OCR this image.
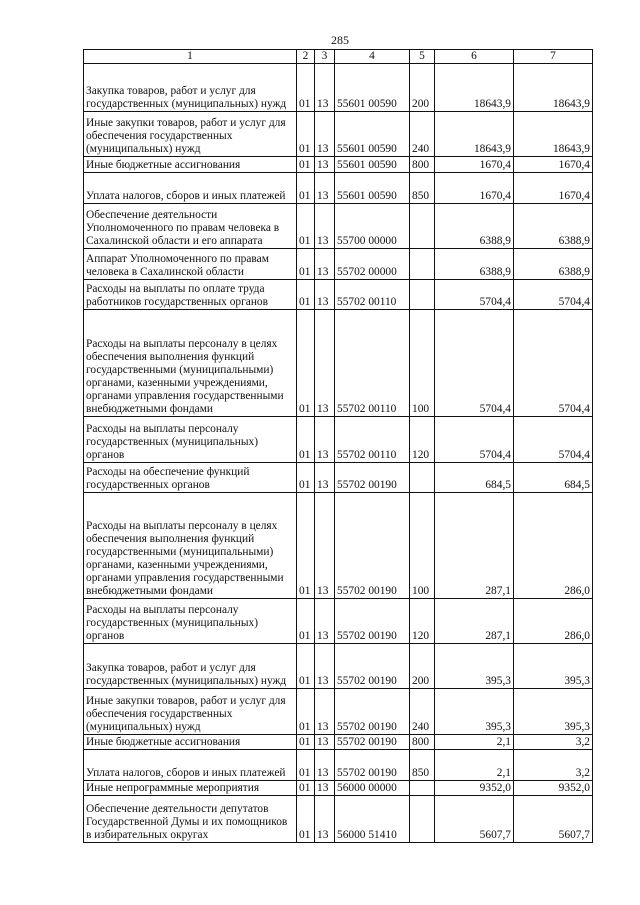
285
1	2	3	4	5	6	7
Закупка товаров, работ и услуг для государственных (муниципальных) нужд	01	13	55601 00590	200	18643,9	18643,9
Иные закупки товаров, работ и услуг для обеспечения государственных (муниципальных) нужд	01	13	55601 00590	240	18643,9	18643,9
Иные бюджетные ассигнования	01	13	55601 00590	800	1670,4	1670,4
Уплата налогов, сборов и иных платежей	01	13	55601 00590	850	1670,4	1670,4
Обеспечение деятельности Уполномоченного по правам человека в Сахалинской области и его аппарата	01	13	55700 00000		6388,9	6388,9
Аппарат Уполномоченного по правам человека в Сахалинской области	01	13	55702 00000		6388,9	6388,9
Расходы на выплаты по оплате труда работников государственных органов	01	13	55702 00110		5704,4	5704,4
Расходы на выплаты персоналу в целях обеспечения выполнения функций государственными (муниципальными) органами, казенными учреждениями, органами управления государственными внебюджетными фондами	01	13	55702 00110	100	5704,4	5704,4
Расходы на выплаты персоналу государственных (муниципальных) органов	01	13	55702 00110	120	5704,4	5704,4
Расходы на обеспечение функций государственных органов	01	13	55702 00190		684,5	684,5
Расходы на выплаты персоналу в целях обеспечения выполнения функций государственными (муниципальными) органами, казенными учреждениями, органами управления государственными внебюджетными фондами	01	13	55702 00190	100	287,1	286,0
Расходы на выплаты персоналу государственных (муниципальных) органов	01	13	55702 00190	120	287,1	286,0
Закупка товаров, работ и услуг для государственных (муниципальных) нужд	01	13	55702 00190	200	395,3	395,3
Иные закупки товаров, работ и услуг для обеспечения государственных (муниципальных) нужд	01	13	55702 00190	240	395,3	395,3
Иные бюджетные ассигнования	01	13	55702 00190	800	2,1	3,2
Уплата налогов, сборов и иных платежей	01	13	55702 00190	850	2,1	3,2
Иные непрограммные мероприятия	01	13	56000 00000		9352,0	9352,0
Обеспечение деятельности депутатов Государственной Думы и их помощников в избирательных округах	01	13	56000 51410		5607,7	5607,7
